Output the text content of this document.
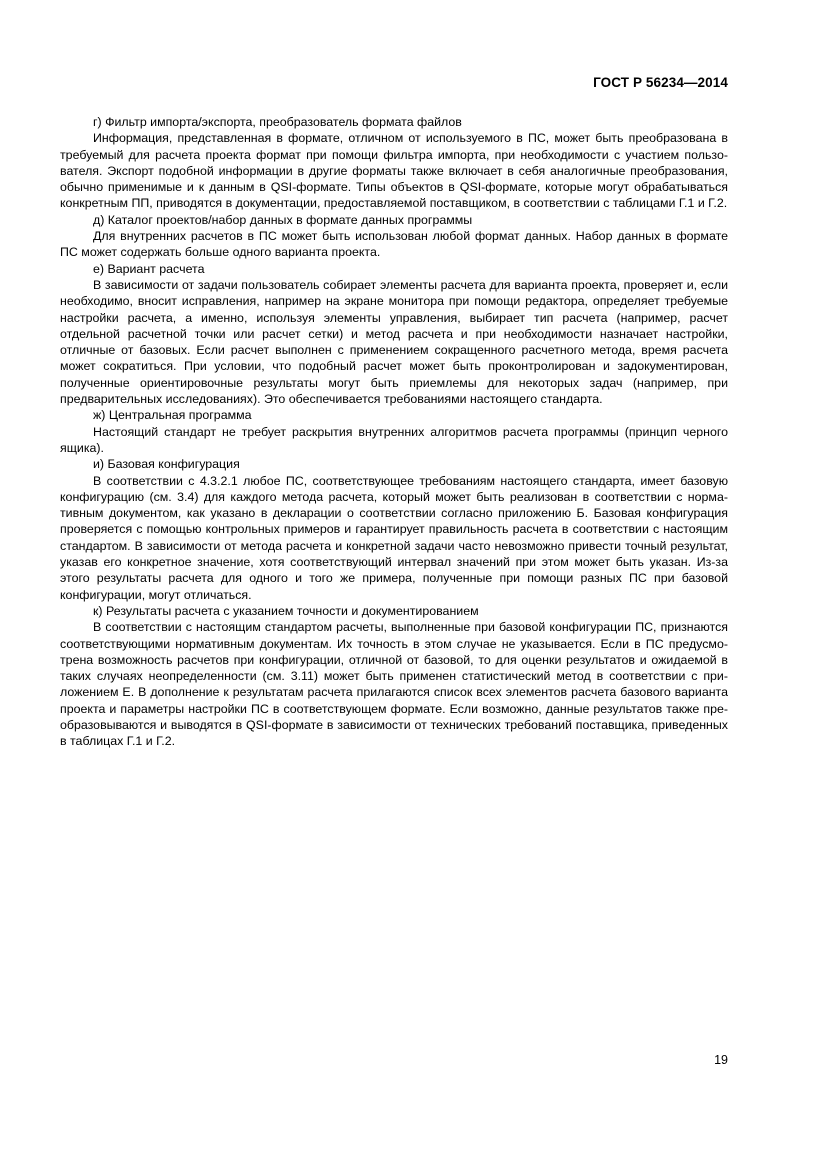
ГОСТ Р 56234—2014

г) Фильтр импорта/экспорта, преобразователь формата файлов

Информация, представленная в формате, отличном от используемого в ПС, может быть преобразована в требуемый для расчета проекта формат при помощи фильтра импорта, при необходимости с участием пользователя. Экспорт подобной информации в другие форматы также включает в себя аналогичные преобразования, обычно применимые и к данным в QSI-формате. Типы объектов в QSI-формате, которые могут обрабатываться конкретным ПП, приводятся в документации, предоставляемой поставщиком, в соответствии с таблицами Г.1 и Г.2.

д) Каталог проектов/набор данных в формате данных программы

Для внутренних расчетов в ПС может быть использован любой формат данных. Набор данных в формате ПС может содержать больше одного варианта проекта.

е) Вариант расчета

В зависимости от задачи пользователь собирает элементы расчета для варианта проекта, проверяет и, если необходимо, вносит исправления, например на экране монитора при помощи редактора, определяет требуемые настройки расчета, а именно, используя элементы управления, выбирает тип расчета (например, расчет отдельной расчетной точки или расчет сетки) и метод расчета и при необходимости назначает настройки, отличные от базовых. Если расчет выполнен с применением сокращенного расчетного метода, время расчета может сократиться. При условии, что подобный расчет может быть проконтролирован и задокументирован, полученные ориентировочные результаты могут быть приемлемы для некоторых задач (например, при предварительных исследованиях). Это обеспечивается требованиями настоящего стандарта.

ж) Центральная программа

Настоящий стандарт не требует раскрытия внутренних алгоритмов расчета программы (принцип черного ящика).

и) Базовая конфигурация

В соответствии с 4.3.2.1 любое ПС, соответствующее требованиям настоящего стандарта, имеет базовую конфигурацию (см. 3.4) для каждого метода расчета, который может быть реализован в соответствии с нормативным документом, как указано в декларации о соответствии согласно приложению Б. Базовая конфигурация проверяется с помощью контрольных примеров и гарантирует правильность расчета в соответствии с настоящим стандартом. В зависимости от метода расчета и конкретной задачи часто невозможно привести точный результат, указав его конкретное значение, хотя соответствующий интервал значений при этом может быть указан. Из-за этого результаты расчета для одного и того же примера, полученные при помощи разных ПС при базовой конфигурации, могут отличаться.

к) Результаты расчета с указанием точности и документированием

В соответствии с настоящим стандартом расчеты, выполненные при базовой конфигурации ПС, признаются соответствующими нормативным документам. Их точность в этом случае не указывается. Если в ПС предусмотрена возможность расчетов при конфигурации, отличной от базовой, то для оценки результатов и ожидаемой в таких случаях неопределенности (см. 3.11) может быть применен статистический метод в соответствии с приложением Е. В дополнение к результатам расчета прилагаются список всех элементов расчета базового варианта проекта и параметры настройки ПС в соответствующем формате. Если возможно, данные результатов также преобразовываются и выводятся в QSI-формате в зависимости от технических требований поставщика, приведенных в таблицах Г.1 и Г.2.

19
